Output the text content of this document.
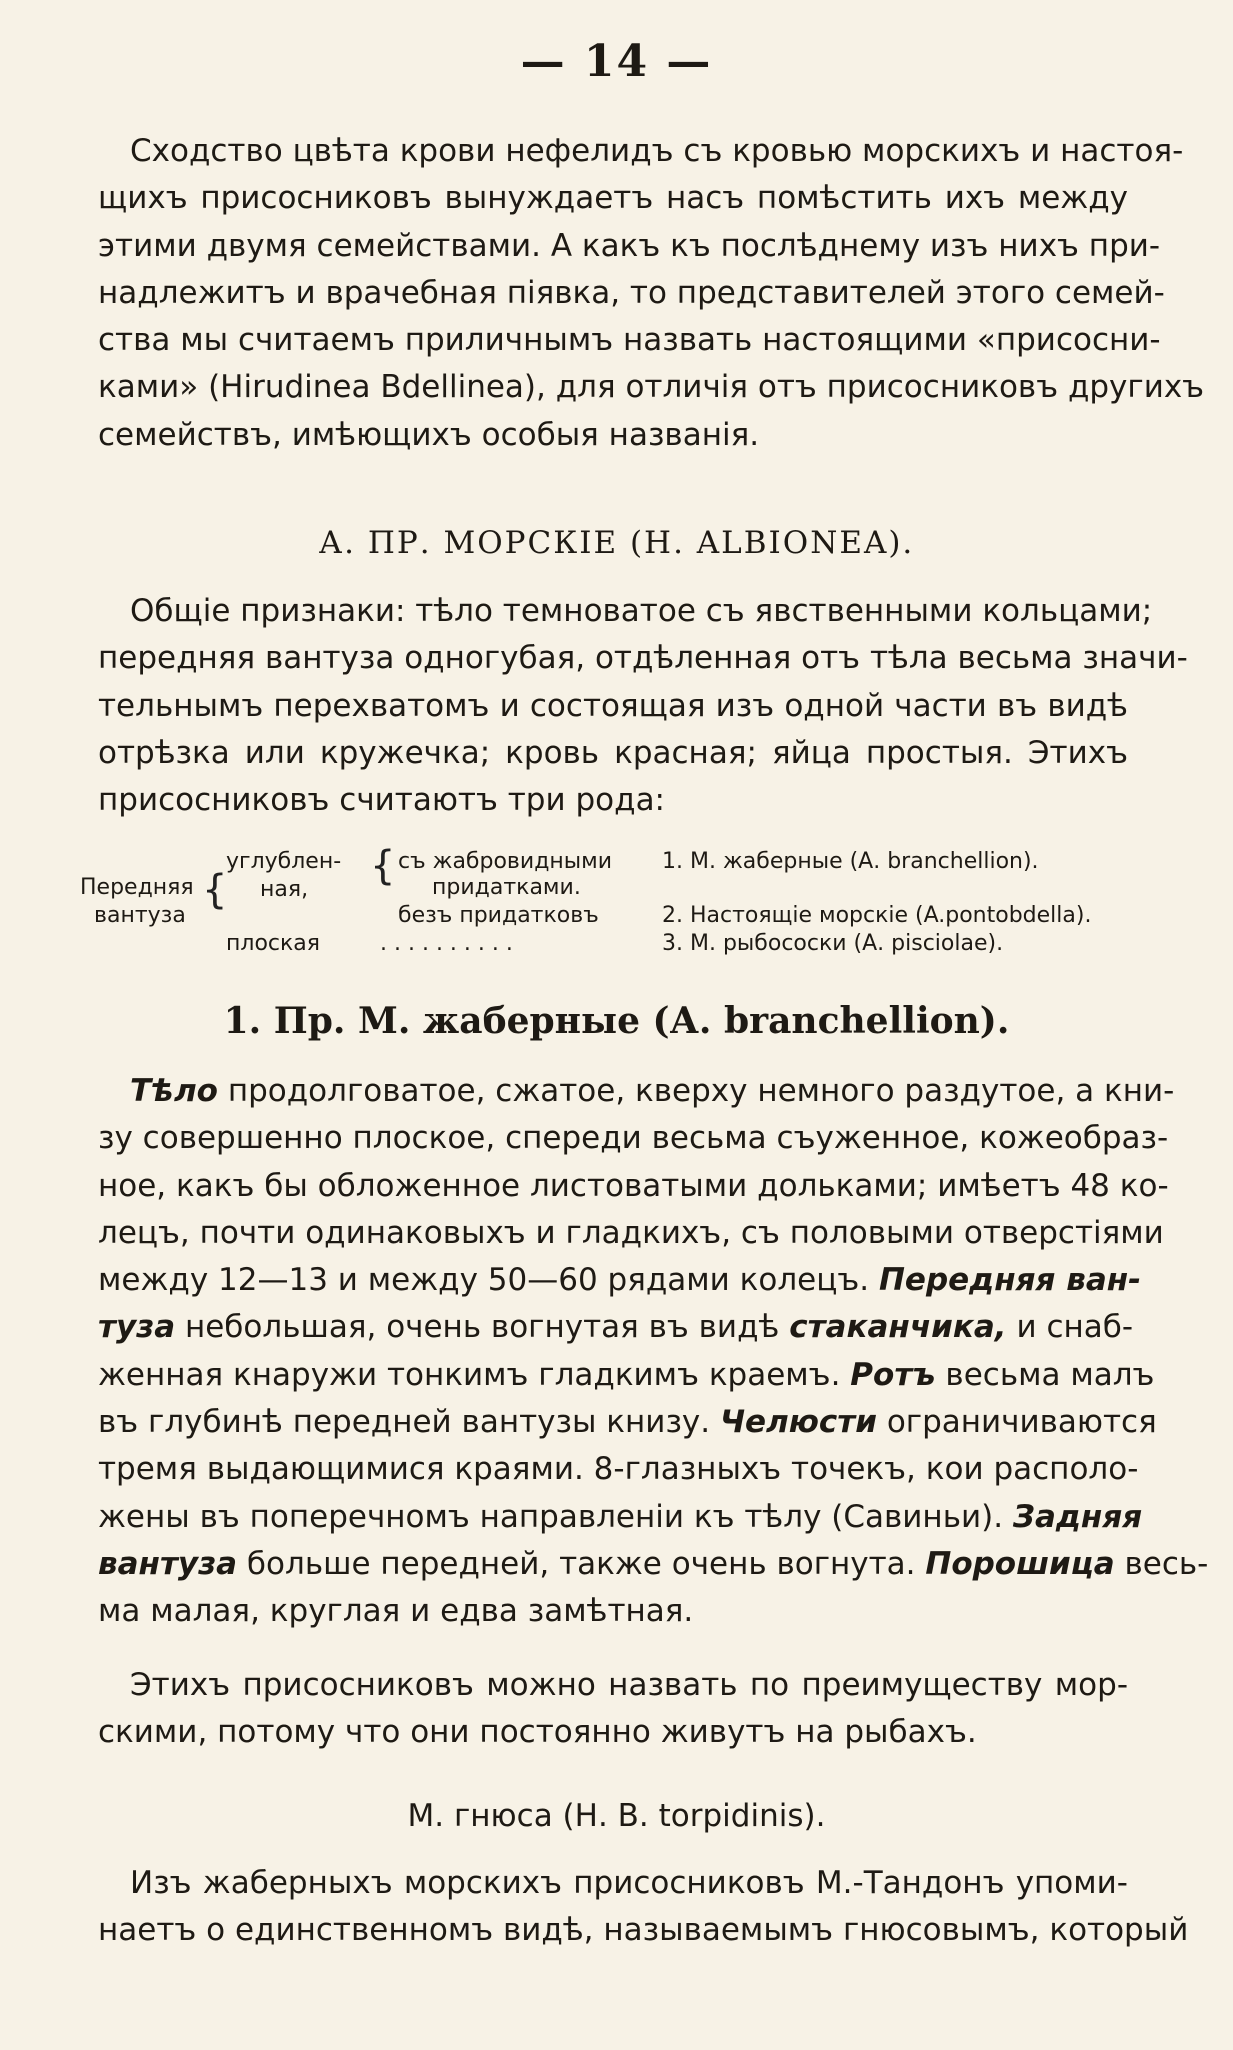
— 14 —
Сходство цвѣта крови нефелидъ съ кровью морскихъ и настоя-
щихъ присосниковъ вынуждаетъ насъ помѣстить ихъ между
этими двумя семействами. А какъ къ послѣднему изъ нихъ при-
надлежитъ и врачебная піявка, то представителей этого семей-
ства мы считаемъ приличнымъ назвать настоящими «присосни-
ками» (Hirudinea Bdellinea), для отличія отъ присосниковъ другихъ
семействъ, имѣющихъ особыя названія.
А. ПР. МОРСКІЕ (Н. ALBIONEA).
Общіе признаки: тѣло темноватое съ явственными кольцами;
передняя вантуза одногубая, отдѣленная отъ тѣла весьма значи-
тельнымъ перехватомъ и состоящая изъ одной части въ видѣ
отрѣзка или кружечка; кровь красная; яйца простыя. Этихъ
присосниковъ считаютъ три рода:
Передняя
вантуза
{
углублен-
ная,
плоская
{ съ жабровидными
придатками.
безъ придатковъ
. . . . . . . . . .
1. М. жаберные (А. branchellion).
2. Настоящіе морскіе (A.pontobdella).
3. М. рыбососки (А. pisciolae).
1. Пр. М. жаберные (А. branchellion).
Тѣло продолговатое, сжатое, кверху немного раздутое, а кни-
зу совершенно плоское, спереди весьма съуженное, кожеобраз-
ное, какъ бы обложенное листоватыми дольками; имѣетъ 48 ко-
лецъ, почти одинаковыхъ и гладкихъ, съ половыми отверстіями
между 12—13 и между 50—60 рядами колецъ. Передняя ван-
туза небольшая, очень вогнутая въ видѣ стаканчика, и снаб-
женная кнаружи тонкимъ гладкимъ краемъ. Ротъ весьма малъ
въ глубинѣ передней вантузы книзу. Челюсти ограничиваются
тремя выдающимися краями. 8-глазныхъ точекъ, кои располо-
жены въ поперечномъ направленіи къ тѣлу (Савиньи). Задняя
вантуза больше передней, также очень вогнута. Порошица весь-
ма малая, круглая и едва замѣтная.
Этихъ присосниковъ можно назвать по преимуществу мор-
скими, потому что они постоянно живутъ на рыбахъ.
М. гнюса (Н. В. torpidinis).
Изъ жаберныхъ морскихъ присосниковъ М.-Тандонъ упоми-
наетъ о единственномъ видѣ, называемымъ гнюсовымъ, который
